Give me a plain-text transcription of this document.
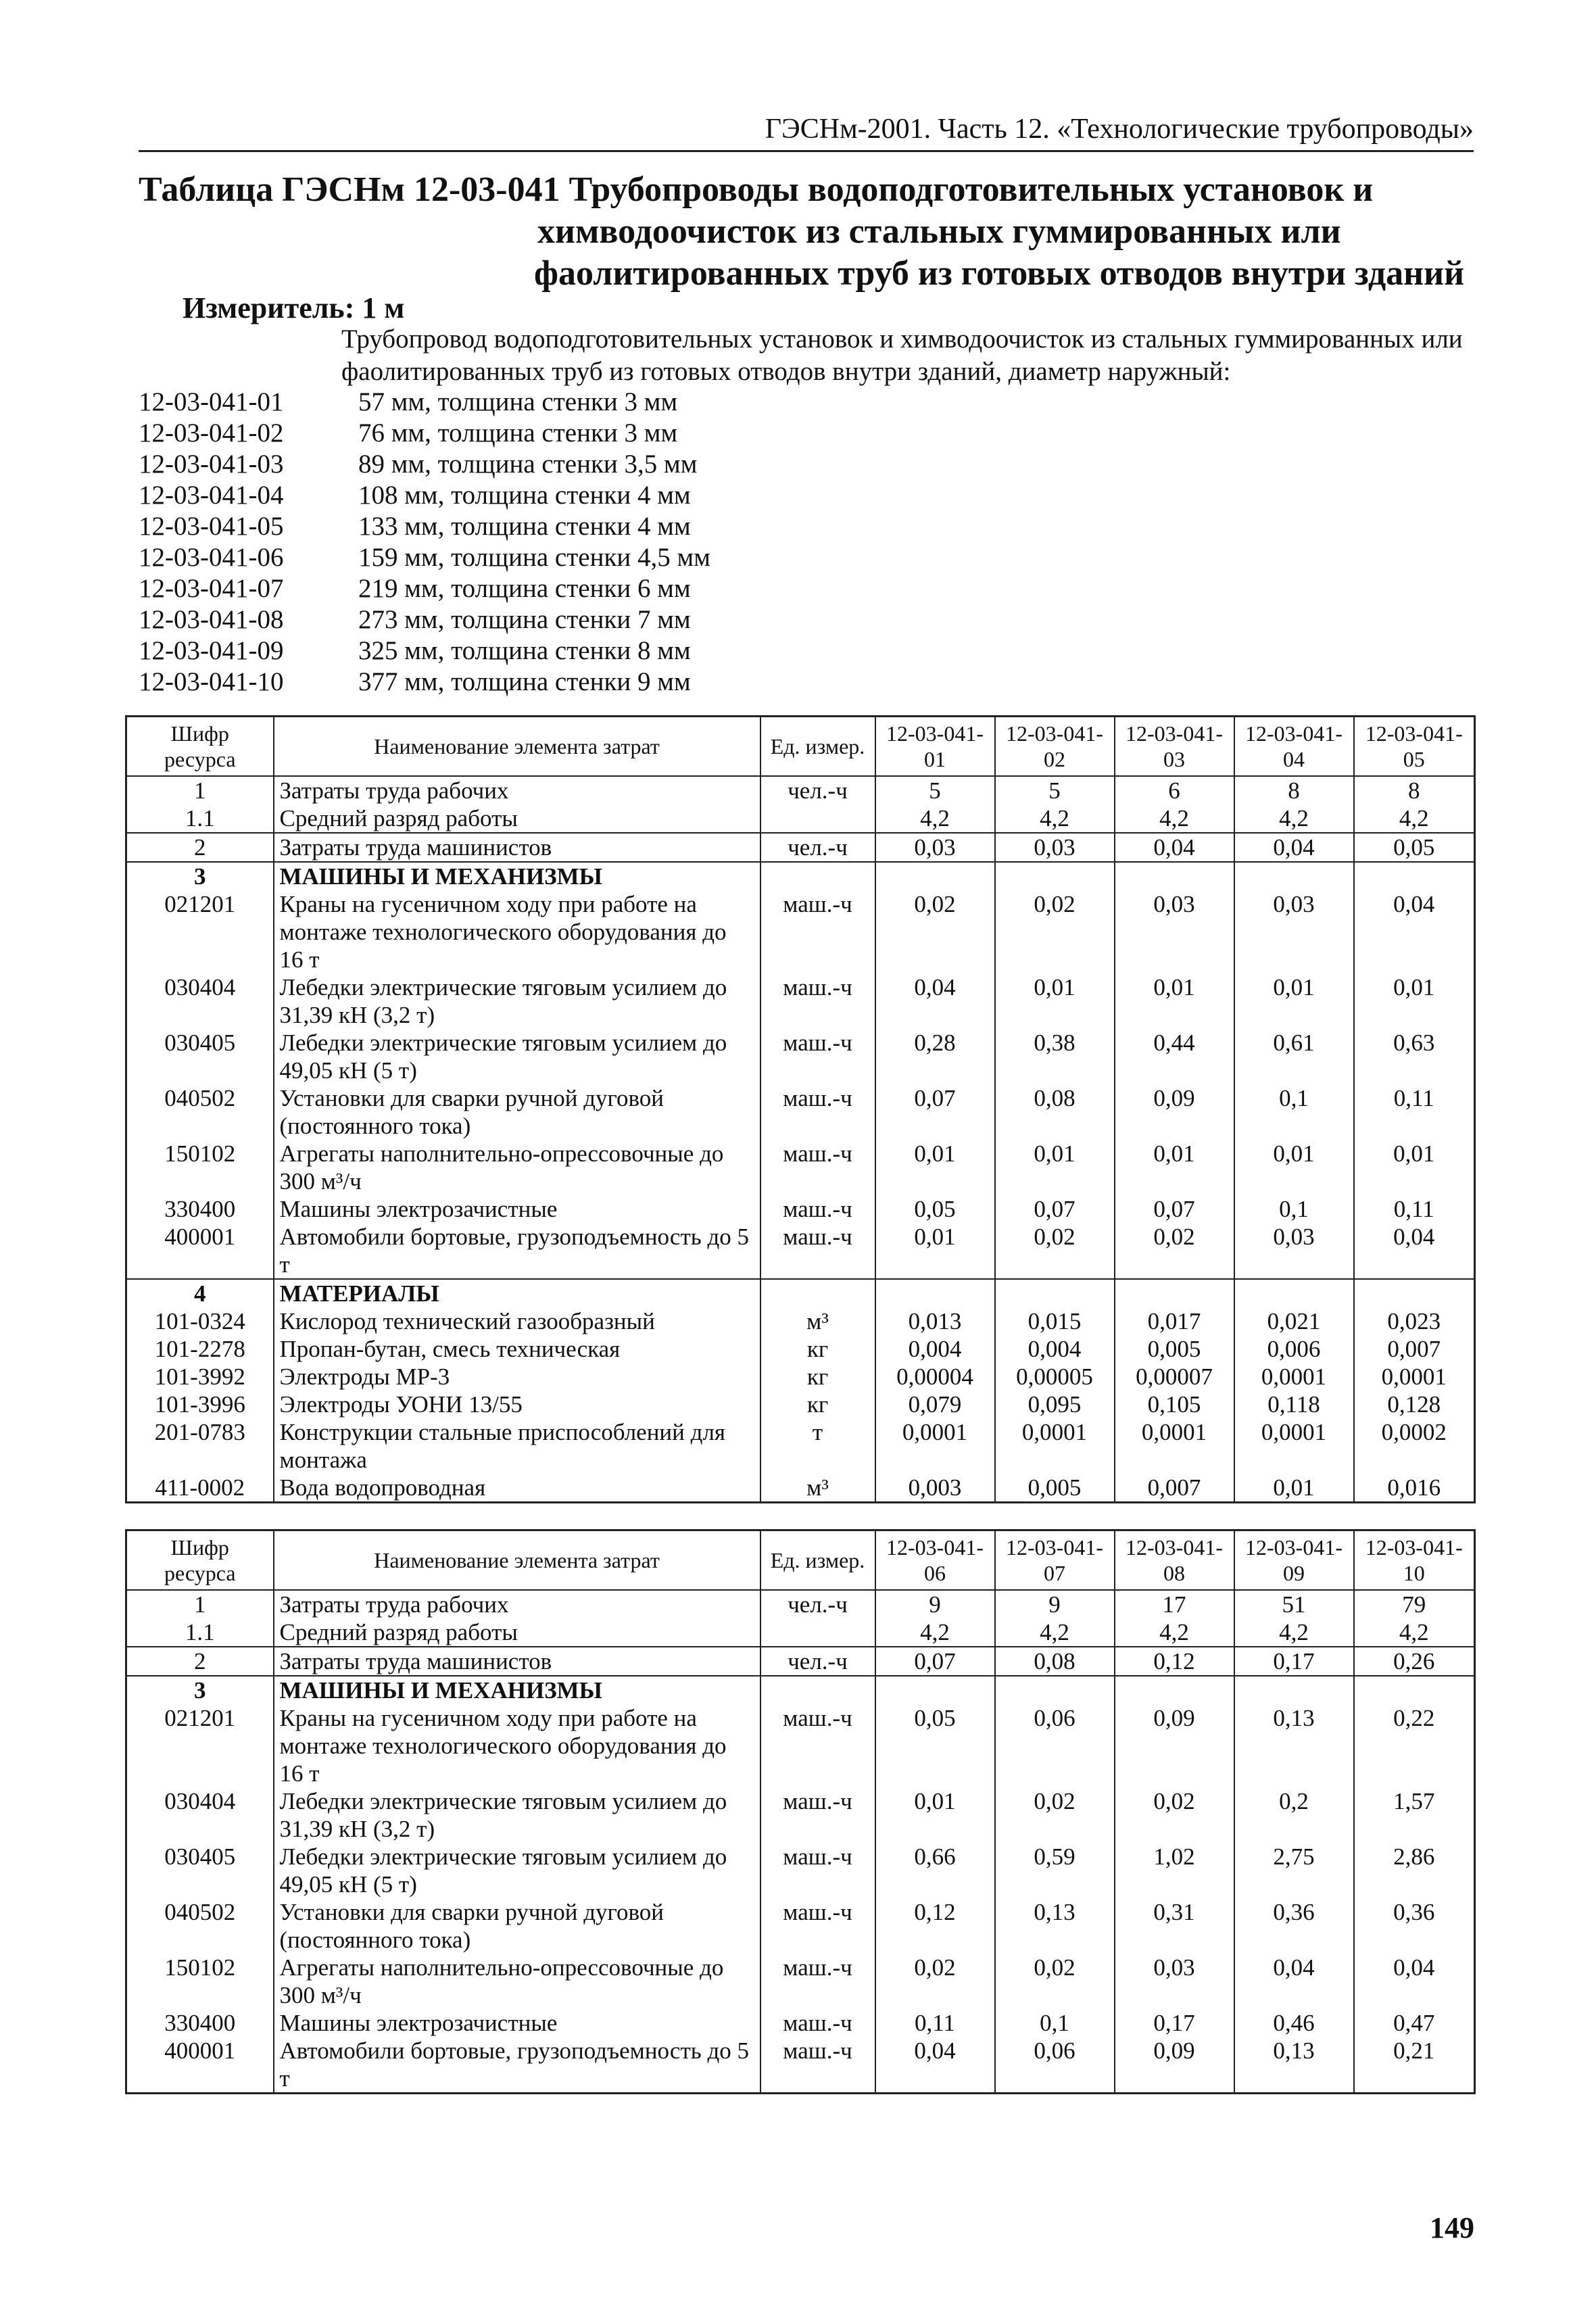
ГЭСНм-2001. Часть 12. «Технологические трубопроводы»
Таблица ГЭСНм 12-03-041 Трубопроводы водоподготовительных установок и
химводоочисток из стальных гуммированных или
фаолитированных труб из готовых отводов внутри зданий
Измеритель: 1 м
Трубопровод водоподготовительных установок и химводоочисток из стальных гуммированных или фаолитированных труб из готовых отводов внутри зданий, диаметр наружный:
12-03-041-01	57 мм, толщина стенки 3 мм
12-03-041-02	76 мм, толщина стенки 3 мм
12-03-041-03	89 мм, толщина стенки 3,5 мм
12-03-041-04	108 мм, толщина стенки 4 мм
12-03-041-05	133 мм, толщина стенки 4 мм
12-03-041-06	159 мм, толщина стенки 4,5 мм
12-03-041-07	219 мм, толщина стенки 6 мм
12-03-041-08	273 мм, толщина стенки 7 мм
12-03-041-09	325 мм, толщина стенки 8 мм
12-03-041-10	377 мм, толщина стенки 9 мм
Шифр ресурса	Наименование элемента затрат	Ед. измер.	12-03-041-01	12-03-041-02	12-03-041-03	12-03-041-04	12-03-041-05
1	Затраты труда рабочих	чел.-ч	5	5	6	8	8
1.1	Средний разряд работы		4,2	4,2	4,2	4,2	4,2
2	Затраты труда машинистов	чел.-ч	0,03	0,03	0,04	0,04	0,05
3	МАШИНЫ И МЕХАНИЗМЫ						
021201	Краны на гусеничном ходу при работе на монтаже технологического оборудования до 16 т	маш.-ч	0,02	0,02	0,03	0,03	0,04
030404	Лебедки электрические тяговым усилием до 31,39 кН (3,2 т)	маш.-ч	0,04	0,01	0,01	0,01	0,01
030405	Лебедки электрические тяговым усилием до 49,05 кН (5 т)	маш.-ч	0,28	0,38	0,44	0,61	0,63
040502	Установки для сварки ручной дуговой (постоянного тока)	маш.-ч	0,07	0,08	0,09	0,1	0,11
150102	Агрегаты наполнительно-опрессовочные до 300 м³/ч	маш.-ч	0,01	0,01	0,01	0,01	0,01
330400	Машины электрозачистные	маш.-ч	0,05	0,07	0,07	0,1	0,11
400001	Автомобили бортовые, грузоподъемность до 5 т	маш.-ч	0,01	0,02	0,02	0,03	0,04
4	МАТЕРИАЛЫ						
101-0324	Кислород технический газообразный	м³	0,013	0,015	0,017	0,021	0,023
101-2278	Пропан-бутан, смесь техническая	кг	0,004	0,004	0,005	0,006	0,007
101-3992	Электроды МР-3	кг	0,00004	0,00005	0,00007	0,0001	0,0001
101-3996	Электроды УОНИ 13/55	кг	0,079	0,095	0,105	0,118	0,128
201-0783	Конструкции стальные приспособлений для монтажа	т	0,0001	0,0001	0,0001	0,0001	0,0002
411-0002	Вода водопроводная	м³	0,003	0,005	0,007	0,01	0,016
Шифр ресурса	Наименование элемента затрат	Ед. измер.	12-03-041-06	12-03-041-07	12-03-041-08	12-03-041-09	12-03-041-10
1	Затраты труда рабочих	чел.-ч	9	9	17	51	79
1.1	Средний разряд работы		4,2	4,2	4,2	4,2	4,2
2	Затраты труда машинистов	чел.-ч	0,07	0,08	0,12	0,17	0,26
3	МАШИНЫ И МЕХАНИЗМЫ						
021201	Краны на гусеничном ходу при работе на монтаже технологического оборудования до 16 т	маш.-ч	0,05	0,06	0,09	0,13	0,22
030404	Лебедки электрические тяговым усилием до 31,39 кН (3,2 т)	маш.-ч	0,01	0,02	0,02	0,2	1,57
030405	Лебедки электрические тяговым усилием до 49,05 кН (5 т)	маш.-ч	0,66	0,59	1,02	2,75	2,86
040502	Установки для сварки ручной дуговой (постоянного тока)	маш.-ч	0,12	0,13	0,31	0,36	0,36
150102	Агрегаты наполнительно-опрессовочные до 300 м³/ч	маш.-ч	0,02	0,02	0,03	0,04	0,04
330400	Машины электрозачистные	маш.-ч	0,11	0,1	0,17	0,46	0,47
400001	Автомобили бортовые, грузоподъемность до 5 т	маш.-ч	0,04	0,06	0,09	0,13	0,21
149
